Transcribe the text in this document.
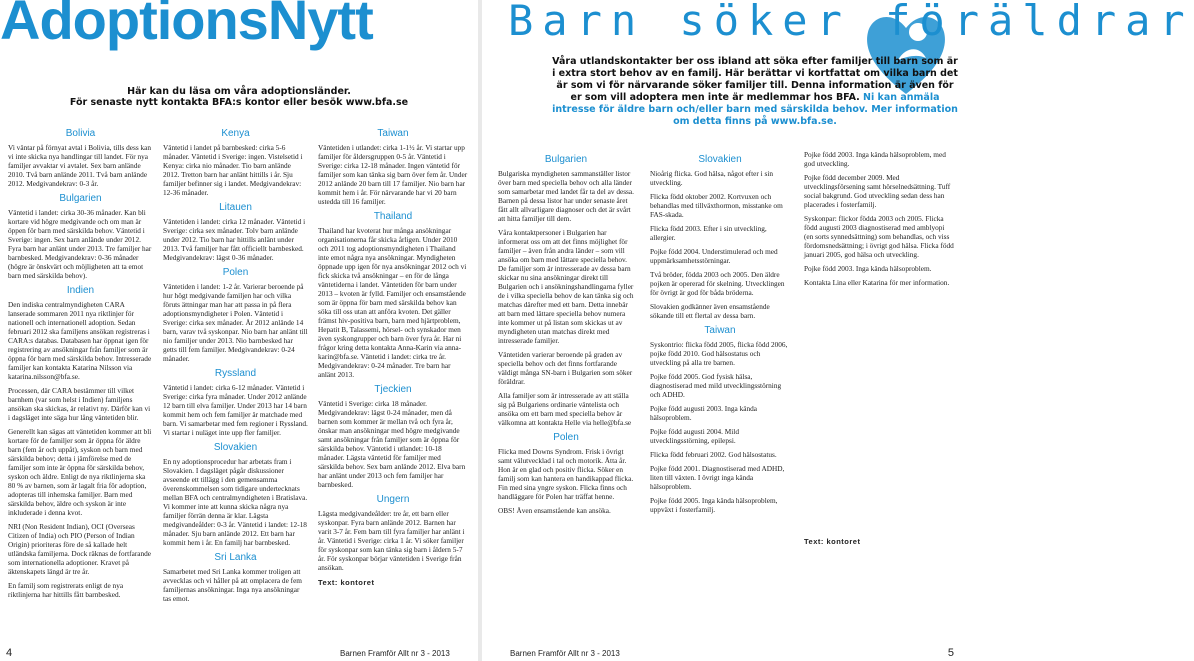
AdoptionsNytt
Här kan du läsa om våra adoptionsländer.
För senaste nytt kontakta BFA:s kontor eller besök www.bfa.se
Bolivia

Vi väntar på förnyat avtal i Bolivia, tills dess kan vi inte skicka nya handlingar till landet. För nya familjer avvaktar vi avtalet. Sex barn anlände 2010. Två barn anlände 2011. Två barn anlände 2012. Medgivandekrav: 0-3 år.

Bulgarien

Väntetid i landet: cirka 30-36 månader. Kan bli kortare vid högre medgivande och om man är öppen för barn med särskilda behov. Väntetid i Sverige: ingen. Sex barn anlände under 2012. Fyra barn har anlänt under 2013. Tre familjer har barnbesked. Medgivandekrav: 0-36 månader (högre är önskvärt och möjligheten att ta emot barn med särskilda behov).

Indien

Den indiska centralmyndigheten CARA lanserade sommaren 2011 nya riktlinjer för nationell och internationell adoption. Sedan februari 2012 ska familjens ansökan registreras i CARA:s databas. Databasen har öppnat igen för registrering av ansökningar från familjer som är öppna för barn med särskilda behov. Intresserade familjer kan kontakta Katarina Nilsson via katarina.nilsson@bfa.se.

Processen, där CARA bestämmer till vilket barnhem (var som helst i Indien) familjens ansökan ska skickas, är relativt ny. Därför kan vi i dagsläget inte säga hur lång väntetiden blir.

Generellt kan sägas att väntetiden kommer att bli kortare för de familjer som är öppna för äldre barn (fem år och uppåt), syskon och barn med särskilda behov; detta i jämförelse med de familjer som inte är öppna för särskilda behov, syskon och äldre. Enligt de nya riktlinjerna ska 80 % av barnen, som är lagalt fria för adoption, adopteras till inhemska familjer. Barn med särskilda behov, äldre och syskon är inte inkluderade i denna kvot.

NRI (Non Resident Indian), OCI (Overseas Citizen of India) och PIO (Person of Indian Origin) prioriteras före de så kallade helt utländska familjerna. Dock räknas de fortfarande som internationella adoptioner. Kravet på äktenskapets längd är tre år.

En familj som registrerats enligt de nya riktlinjerna har hittills fått barnbesked.

Kenya

Väntetid i landet på barnbesked: cirka 5-6 månader. Väntetid i Sverige: ingen. Vistelsetid i Kenya: cirka nio månader. Tio barn anlände 2012. Tretton barn har anlänt hittills i år. Sju familjer befinner sig i landet. Medgivandekrav: 12-36 månader.

Litauen

Väntetiden i landet: cirka 12 månader. Väntetid i Sverige: cirka sex månader. Tolv barn anlände under 2012. Tio barn har hittills anlänt under 2013. Två familjer har fått officiellt barnbesked. Medgivandekrav: lägst 0-36 månader.

Polen

Väntetiden i landet: 1-2 år. Varierar beroende på hur högt medgivande familjen har och vilka föruts ättningar man har att passa in på flera adoptionsmyndigheter i Polen. Väntetid i Sverige: cirka sex månader. År 2012 anlände 14 barn, varav två syskonpar. Nio barn har anlänt till nio familjer under 2013. Nio barnbesked har getts till fem familjer. Medgivandekrav: 0-24 månader.

Ryssland

Väntetid i landet: cirka 6-12 månader. Väntetid i Sverige: cirka fyra månader. Under 2012 anlände 12 barn till elva familjer. Under 2013 har 14 barn kommit hem och fem familjer är matchade med barn. Vi samarbetar med fem regioner i Ryssland. Vi startar i nuläget inte upp fler familjer.

Slovakien

En ny adoptionsprocedur har arbetats fram i Slovakien. I dagsläget pågår diskussioner avseende ett tillägg i den gemensamma överenskommelsen som tidigare undertecknats mellan BFA och centralmyndigheten i Bratislava. Vi kommer inte att kunna skicka några nya familjer förrän denna är klar. Lägsta medgivandeålder: 0-3 år. Väntetid i landet: 12-18 månader. Sju barn anlände 2012. Ett barn har kommit hem i år. En familj har barnbesked.

Sri Lanka

Samarbetet med Sri Lanka kommer troligen att avvecklas och vi håller på att omplacera de fem familjernas ansökningar. Inga nya ansökningar tas emot.

Taiwan

Väntetiden i utlandet: cirka 1-1½ år. Vi startar upp familjer för åldersgruppen 0-5 år. Väntetid i Sverige: cirka 12-18 månader. Ingen väntetid för familjer som kan tänka sig barn över fem år. Under 2012 anlände 20 barn till 17 familjer. Nio barn har kommit hem i år. För närvarande har vi 20 barn ustedda till 16 familjer.

Thailand

Thailand har kvoterat hur många ansökningar organisationerna får skicka årligen. Under 2010 och 2011 tog adoptionsmyndigheten i Thailand inte emot några nya ansökningar. Myndigheten öppnade upp igen för nya ansökningar 2012 och vi fick skicka två ansökningar – en för de långa väntetiderna i landet. Väntetiden för barn under 2013 – kvoten är fylld. Familjer och ensamstående som är öppna för barn med särskilda behov kan söka till oss utan att anföra kvoten. Det gäller främst hiv-positiva barn, barn med hjärtproblem, Hepatit B, Talassemi, hörsel- och synskador men även syskongrupper och barn över fyra år. Har ni frågor kring detta kontakta Anna-Karin via anna-karin@bfa.se. Väntetid i landet: cirka tre år. Medgivandekrav: 0-24 månader. Tre barn har anlänt 2013.

Tjeckien

Väntetid i Sverige: cirka 18 månader. Medgivandekrav: lägst 0-24 månader, men då barnen som kommer är mellan två och fyra år, önskar man ansökningar med högre medgivande samt ansökningar från familjer som är öppna för särskilda behov. Väntetid i utlandet: 10-18 månader. Lägsta väntetid för familjer med särskilda behov. Sex barn anlände 2012. Elva barn har anlänt under 2013 och fem familjer har barnbesked.

Ungern

Lägsta medgivandeålder: tre år, ett barn eller syskonpar. Fyra barn anlände 2012. Barnen har varit 3-7 år. Fem barn till fyra familjer har anlänt i år. Väntetid i Sverige: cirka 1 år. Vi söker familjer för syskonpar som kan tänka sig barn i åldern 5-7 år. För syskonpar börjar väntetiden i Sverige från ansökan.

Text: kontoret
4	Barnen Framför Allt nr 3 - 2013
Barn söker föräldrar
Våra utlandskontakter ber oss ibland att söka efter familjer till barn som är i extra stort behov av en familj. Här berättar vi kortfattat om vilka barn det är som vi för närvarande söker familjer till. Denna information är även för er som vill adoptera men inte är medlemmar hos BFA. Ni kan anmäla intresse för äldre barn och/eller barn med särskilda behov. Mer information om detta finns på www.bfa.se.
Bulgarien

Bulgariska myndigheten sammanställer listor över barn med speciella behov och alla länder som samarbetar med landet får ta del av dessa. Barnen på dessa listor har under senaste året fått allt allvarligare diagnoser och det är svårt att hitta familjer till dem.

Våra kontaktpersoner i Bulgarien har informerat oss om att det finns möjlighet för familjer – även från andra länder – som vill ansöka om barn med lättare speciella behov. De familjer som är intresserade av dessa barn skickar nu sina ansökningar direkt till Bulgarien och i ansökningshandlingarna fyller de i vilka speciella behov de kan tänka sig och matchas därefter med ett barn. Detta innebär att barn med lättare speciella behov numera inte kommer ut på listan som skickas ut av myndigheten utan matchas direkt med intresserade familjer.

Väntetiden varierar beroende på graden av speciella behov och det finns fortfarande väldigt många SN-barn i Bulgarien som söker föräldrar.

Alla familjer som är intresserade av att ställa sig på Bulgariens ordinarie väntelista och ansöka om ett barn med speciella behov är välkomna att kontakta Helle via helle@bfa.se

Polen

Flicka med Downs Syndrom. Frisk i övrigt samt välutvecklad i tal och motorik. Åtta år. Hon är en glad och positiv flicka. Söker en familj som kan hantera en handikappad flicka. Fin med sina yngre syskon. Flicka finns och handläggare för Polen har träffat henne.

OBS! Även ensamstående kan ansöka.

Slovakien

Nioårig flicka. God hälsa, något efter i sin utveckling.

Flicka född oktober 2002. Kortvuxen och behandlas med tillväxthormon, misstanke om FAS-skada.

Flicka född 2003. Efter i sin utveckling, allergier.

Pojke född 2004. Understimulerad och med uppmärksamhetsstörningar.

Två bröder, födda 2003 och 2005. Den äldre pojken är opererad för skelning. Utvecklingen för övrigt är god för båda bröderna.

Slovakien godkänner även ensamstående sökande till ett flertal av dessa barn.

Taiwan

Syskontrio: flicka född 2005, flicka född 2006, pojke född 2010. God hälsostatus och utveckling på alla tre barnen.

Pojke född 2005. God fysisk hälsa, diagnostiserad med mild utvecklingsstörning och ADHD.

Pojke född augusti 2003. Inga kända hälsoproblem.

Pojke född augusti 2004. Mild utvecklingsstörning, epilepsi.

Flicka född februari 2002. God hälsostatus.

Pojke född 2001. Diagnostiserad med ADHD, liten till växten. I övrigt inga kända hälsoproblem.

Pojke född 2005. Inga kända hälsoproblem, uppväxt i fosterfamilj.

Pojke född 2003. Inga kända hälsoproblem, med god utveckling.

Pojke född december 2009. Med utvecklingsförsening samt hörselnedsättning. Tuff social bakgrund. God utveckling sedan dess han placerades i fosterfamilj.

Syskonpar: flickor födda 2003 och 2005. Flicka född augusti 2003 diagnostiserad med amblyopi (en sorts synnedsättning) som behandlas, och viss fördomsnedsättning; i övrigt god hälsa. Flicka född januari 2005, god hälsa och utveckling.

Pojke född 2003. Inga kända hälsoproblem.

Kontakta Lina eller Katarina för mer information.

Text: kontoret
Barnen Framför Allt nr 3 - 2013	5
